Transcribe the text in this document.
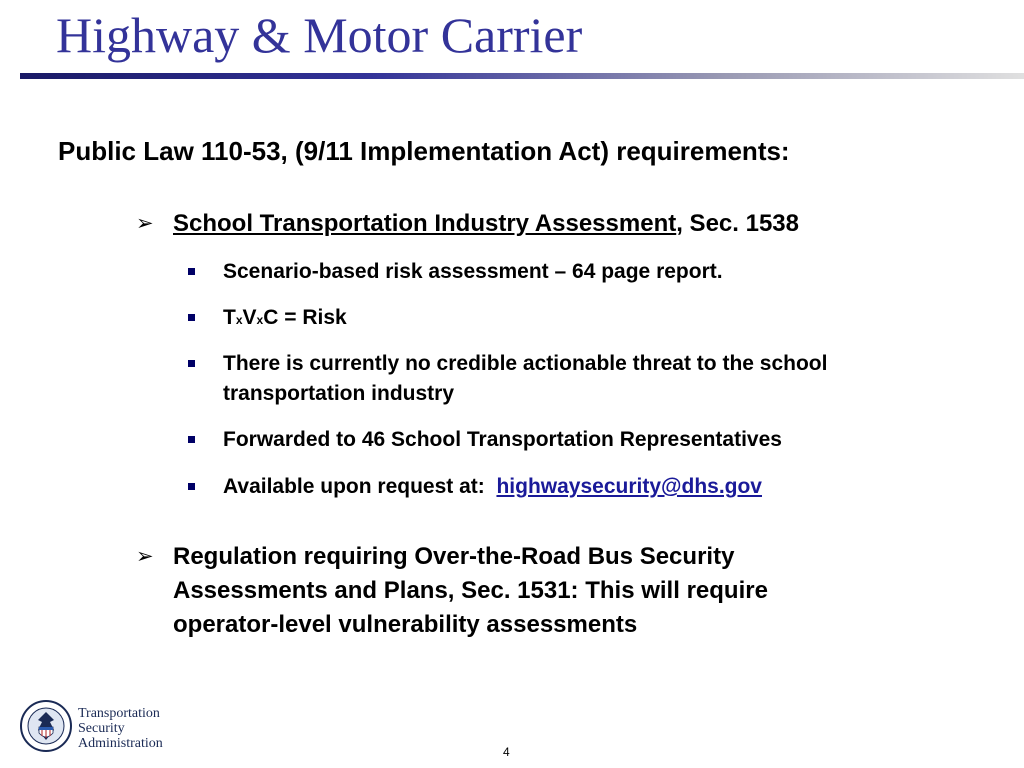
Highway & Motor Carrier
Public Law 110-53, (9/11 Implementation Act) requirements:
➢ School Transportation Industry Assessment, Sec. 1538
Scenario-based risk assessment – 64 page report.
TxVxC = Risk
There is currently no credible actionable threat to the school
transportation industry
Forwarded to 46 School Transportation Representatives
Available upon request at: highwaysecurity@dhs.gov
➢ Regulation requiring Over-the-Road Bus Security
Assessments and Plans, Sec. 1531: This will require
operator-level vulnerability assessments
Transportation
Security
Administration
4
